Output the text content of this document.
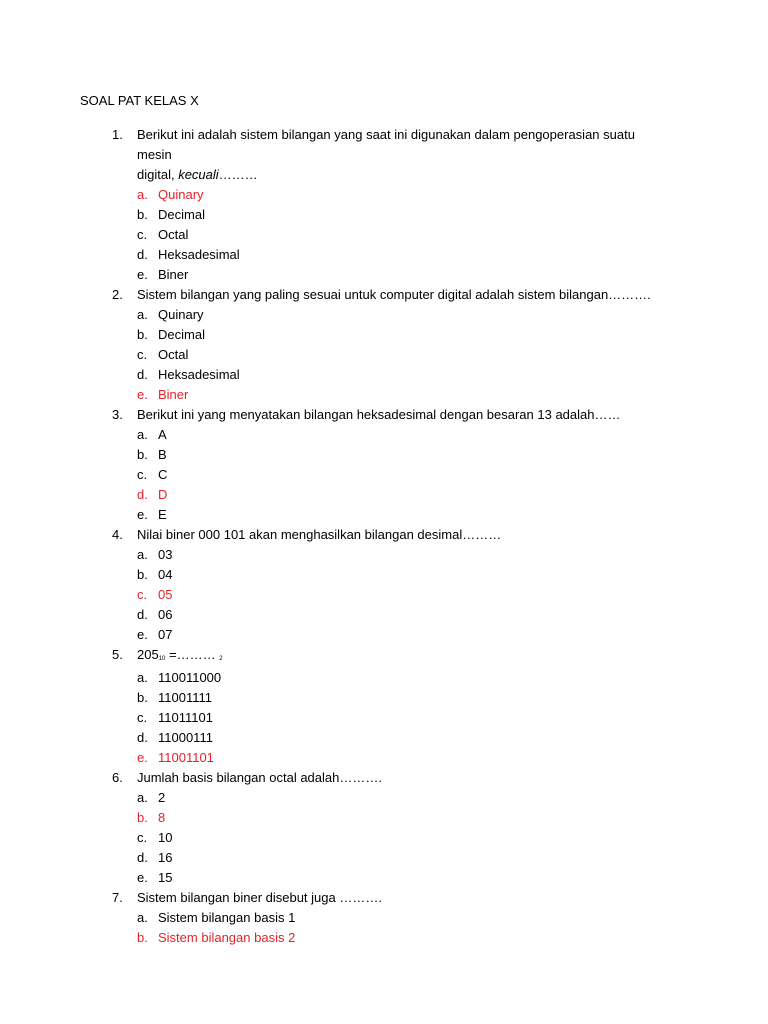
SOAL PAT KELAS X
1. Berikut ini adalah sistem bilangan yang saat ini digunakan dalam pengoperasian suatu mesin
digital, kecuali………
a. Quinary
b. Decimal
c. Octal
d. Heksadesimal
e. Biner
2. Sistem bilangan yang paling sesuai untuk computer digital adalah sistem bilangan……….
a. Quinary
b. Decimal
c. Octal
d. Heksadesimal
e. Biner
3. Berikut ini yang menyatakan bilangan heksadesimal dengan besaran 13 adalah……
a. A
b. B
c. C
d. D
e. E
4. Nilai biner 000 101 akan menghasilkan bilangan desimal………
a. 03
b. 04
c. 05
d. 06
e. 07
5. 20510 =……… 2
a. 110011000
b. 11001111
c. 11011101
d. 11000111
e. 11001101
6. Jumlah basis bilangan octal adalah……….
a. 2
b. 8
c. 10
d. 16
e. 15
7. Sistem bilangan biner disebut juga ……….
a. Sistem bilangan basis 1
b. Sistem bilangan basis 2
